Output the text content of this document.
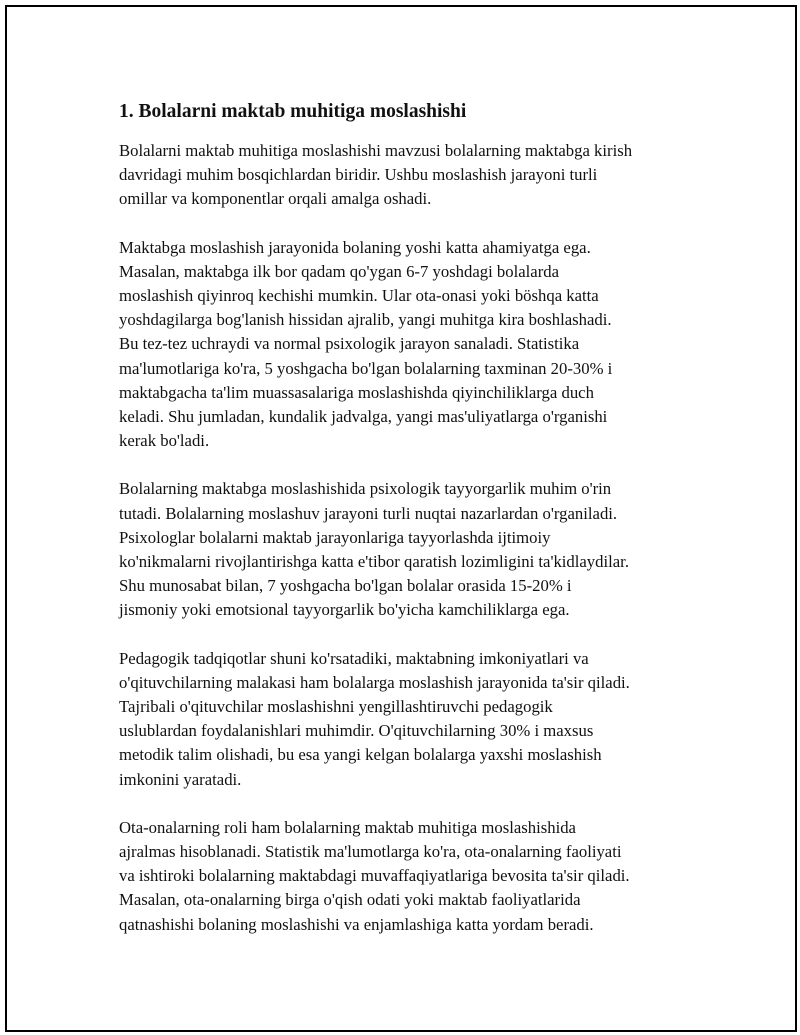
1. Bolalarni maktab muhitiga moslashishi
Bolalarni maktab muhitiga moslashishi mavzusi bolalarning maktabga kirish
davridagi muhim bosqichlardan biridir. Ushbu moslashish jarayoni turli
omillar va komponentlar orqali amalga oshadi.
Maktabga moslashish jarayonida bolaning yoshi katta ahamiyatga ega.
Masalan, maktabga ilk bor qadam qo'ygan 6-7 yoshdagi bolalarda
moslashish qiyinroq kechishi mumkin. Ular ota-onasi yoki böshqa katta
yoshdagilarga bog'lanish hissidan ajralib, yangi muhitga kira boshlashadi.
Bu tez-tez uchraydi va normal psixologik jarayon sanaladi. Statistika
ma'lumotlariga ko'ra, 5 yoshgacha bo'lgan bolalarning taxminan 20-30% i
maktabgacha ta'lim muassasalariga moslashishda qiyinchiliklarga duch
keladi. Shu jumladan, kundalik jadvalga, yangi mas'uliyatlarga o'rganishi
kerak bo'ladi.
Bolalarning maktabga moslashishida psixologik tayyorgarlik muhim o'rin
tutadi. Bolalarning moslashuv jarayoni turli nuqtai nazarlardan o'rganiladi.
Psixologlar bolalarni maktab jarayonlariga tayyorlashda ijtimoiy
ko'nikmalarni rivojlantirishga katta e'tibor qaratish lozimligini ta'kidlaydilar.
Shu munosabat bilan, 7 yoshgacha bo'lgan bolalar orasida 15-20% i
jismoniy yoki emotsional tayyorgarlik bo'yicha kamchiliklarga ega.
Pedagogik tadqiqotlar shuni ko'rsatadiki, maktabning imkoniyatlari va
o'qituvchilarning malakasi ham bolalarga moslashish jarayonida ta'sir qiladi.
Tajribali o'qituvchilar moslashishni yengillashtiruvchi pedagogik
uslublardan foydalanishlari muhimdir. O'qituvchilarning 30% i maxsus
metodik talim olishadi, bu esa yangi kelgan bolalarga yaxshi moslashish
imkonini yaratadi.
Ota-onalarning roli ham bolalarning maktab muhitiga moslashishida
ajralmas hisoblanadi. Statistik ma'lumotlarga ko'ra, ota-onalarning faoliyati
va ishtiroki bolalarning maktabdagi muvaffaqiyatlariga bevosita ta'sir qiladi.
Masalan, ota-onalarning birga o'qish odati yoki maktab faoliyatlarida
qatnashishi bolaning moslashishi va enjamlashiga katta yordam beradi.
